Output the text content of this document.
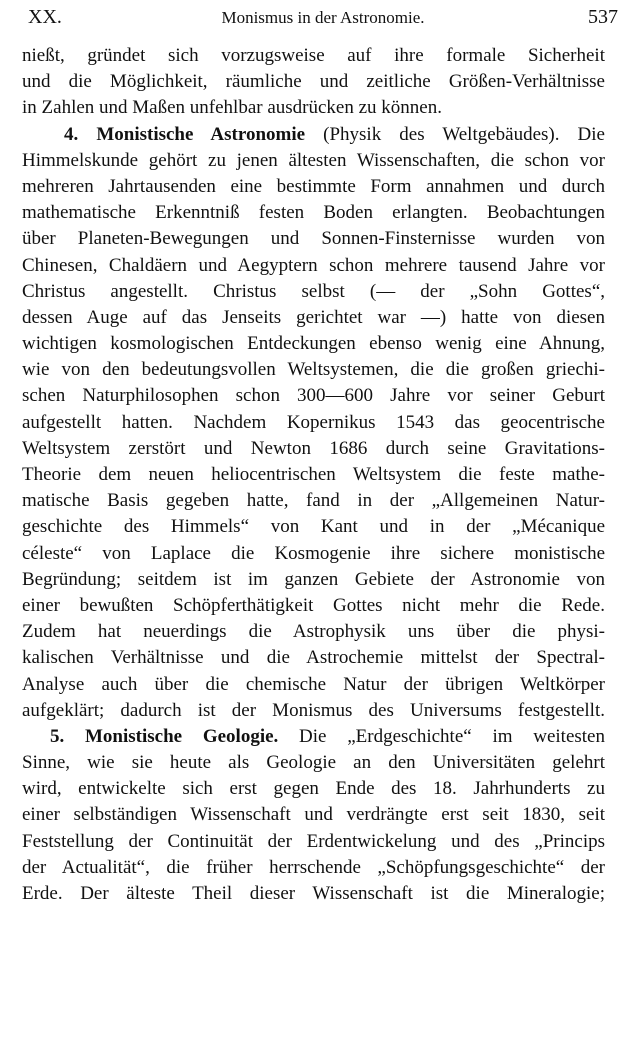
XX.	Monismus in der Astronomie.	537
nießt, gründet sich vorzugsweise auf ihre formale Sicherheit
und die Möglichkeit, räumliche und zeitliche Größen-Verhältnisse
in Zahlen und Maßen unfehlbar ausdrücken zu können.
4. Monistische Astronomie (Physik des Weltgebäudes). Die
Himmelskunde gehört zu jenen ältesten Wissenschaften, die schon vor
mehreren Jahrtausenden eine bestimmte Form annahmen und durch
mathematische Erkenntniß festen Boden erlangten. Beobachtungen
über Planeten-Bewegungen und Sonnen-Finsternisse wurden von
Chinesen, Chaldäern und Aegyptern schon mehrere tausend Jahre vor
Christus angestellt. Christus selbst (— der „Sohn Gottes“,
dessen Auge auf das Jenseits gerichtet war —) hatte von diesen
wichtigen kosmologischen Entdeckungen ebenso wenig eine Ahnung,
wie von den bedeutungsvollen Weltsystemen, die die großen griechi-
schen Naturphilosophen schon 300—600 Jahre vor seiner Geburt
aufgestellt hatten. Nachdem Kopernikus 1543 das geocentrische
Weltsystem zerstört und Newton 1686 durch seine Gravitations-
Theorie dem neuen heliocentrischen Weltsystem die feste mathe-
matische Basis gegeben hatte, fand in der „Allgemeinen Natur-
geschichte des Himmels“ von Kant und in der „Mécanique
céleste“ von Laplace die Kosmogenie ihre sichere monistische
Begründung; seitdem ist im ganzen Gebiete der Astronomie von
einer bewußten Schöpferthätigkeit Gottes nicht mehr die Rede.
Zudem hat neuerdings die Astrophysik uns über die physi-
kalischen Verhältnisse und die Astrochemie mittelst der Spectral-
Analyse auch über die chemische Natur der übrigen Weltkörper
aufgeklärt; dadurch ist der Monismus des Universums festgestellt.
5. Monistische Geologie. Die „Erdgeschichte“ im weitesten
Sinne, wie sie heute als Geologie an den Universitäten gelehrt
wird, entwickelte sich erst gegen Ende des 18. Jahrhunderts zu
einer selbständigen Wissenschaft und verdrängte erst seit 1830, seit
Feststellung der Continuität der Erdentwickelung und des „Princips
der Actualität“, die früher herrschende „Schöpfungsgeschichte“ der
Erde. Der älteste Theil dieser Wissenschaft ist die Mineralogie;
